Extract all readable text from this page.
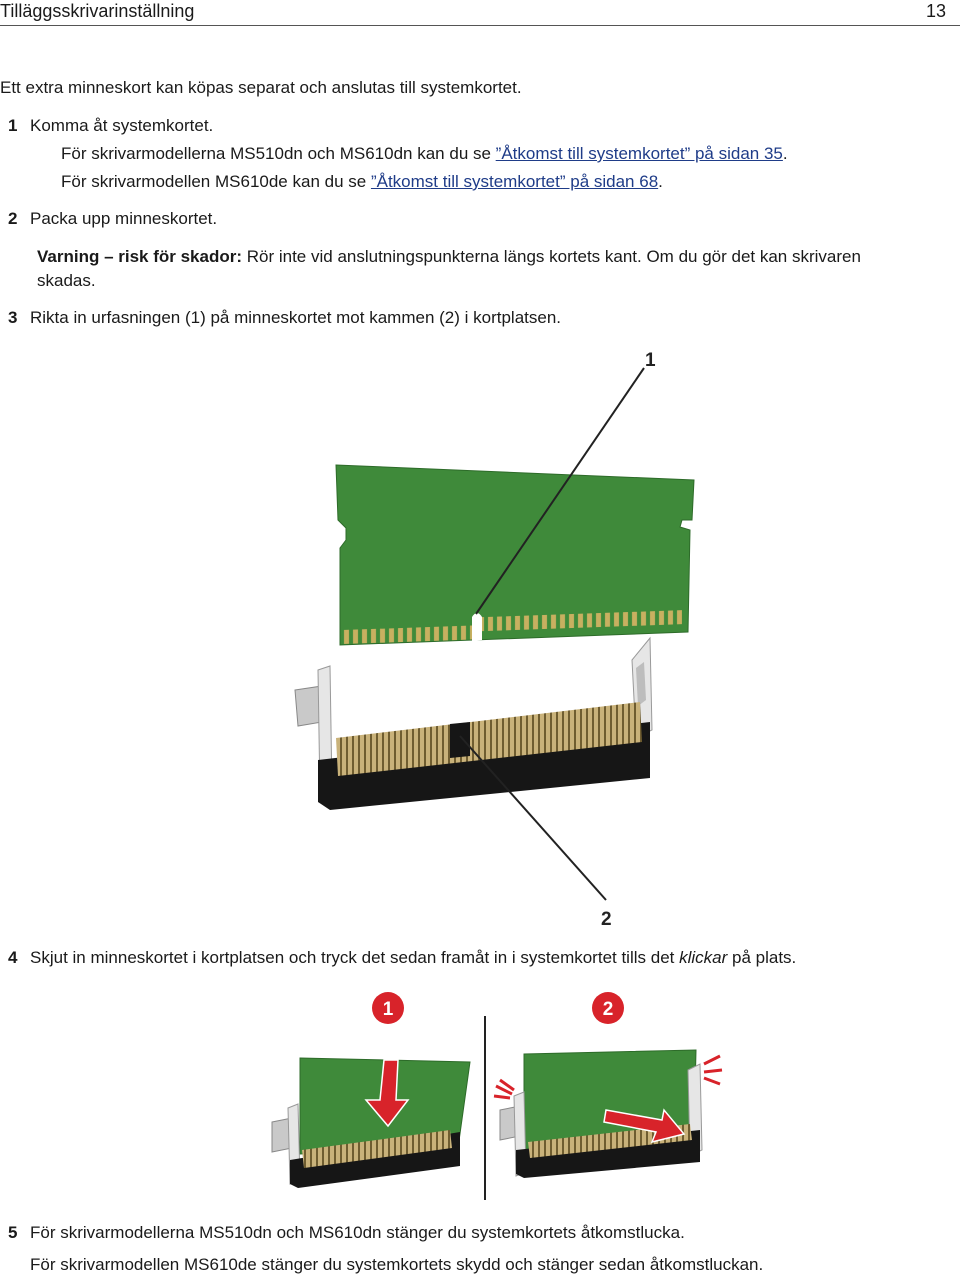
Tilläggsskrivarinställning	13
Ett extra minneskort kan köpas separat och anslutas till systemkortet.
1 Komma åt systemkortet.
För skrivarmodellerna MS510dn och MS610dn kan du se ”Åtkomst till systemkortet” på sidan 35.
För skrivarmodellen MS610de kan du se ”Åtkomst till systemkortet” på sidan 68.
2 Packa upp minneskortet.
Varning – risk för skador: Rör inte vid anslutningspunkterna längs kortets kant. Om du gör det kan skrivaren
skadas.
3 Rikta in urfasningen (1) på minneskortet mot kammen (2) i kortplatsen.
1
2
4 Skjut in minneskortet i kortplatsen och tryck det sedan framåt in i systemkortet tills det klickar på plats.
1	2
5 För skrivarmodellerna MS510dn och MS610dn stänger du systemkortets åtkomstlucka.
För skrivarmodellen MS610de stänger du systemkortets skydd och stänger sedan åtkomstluckan.
